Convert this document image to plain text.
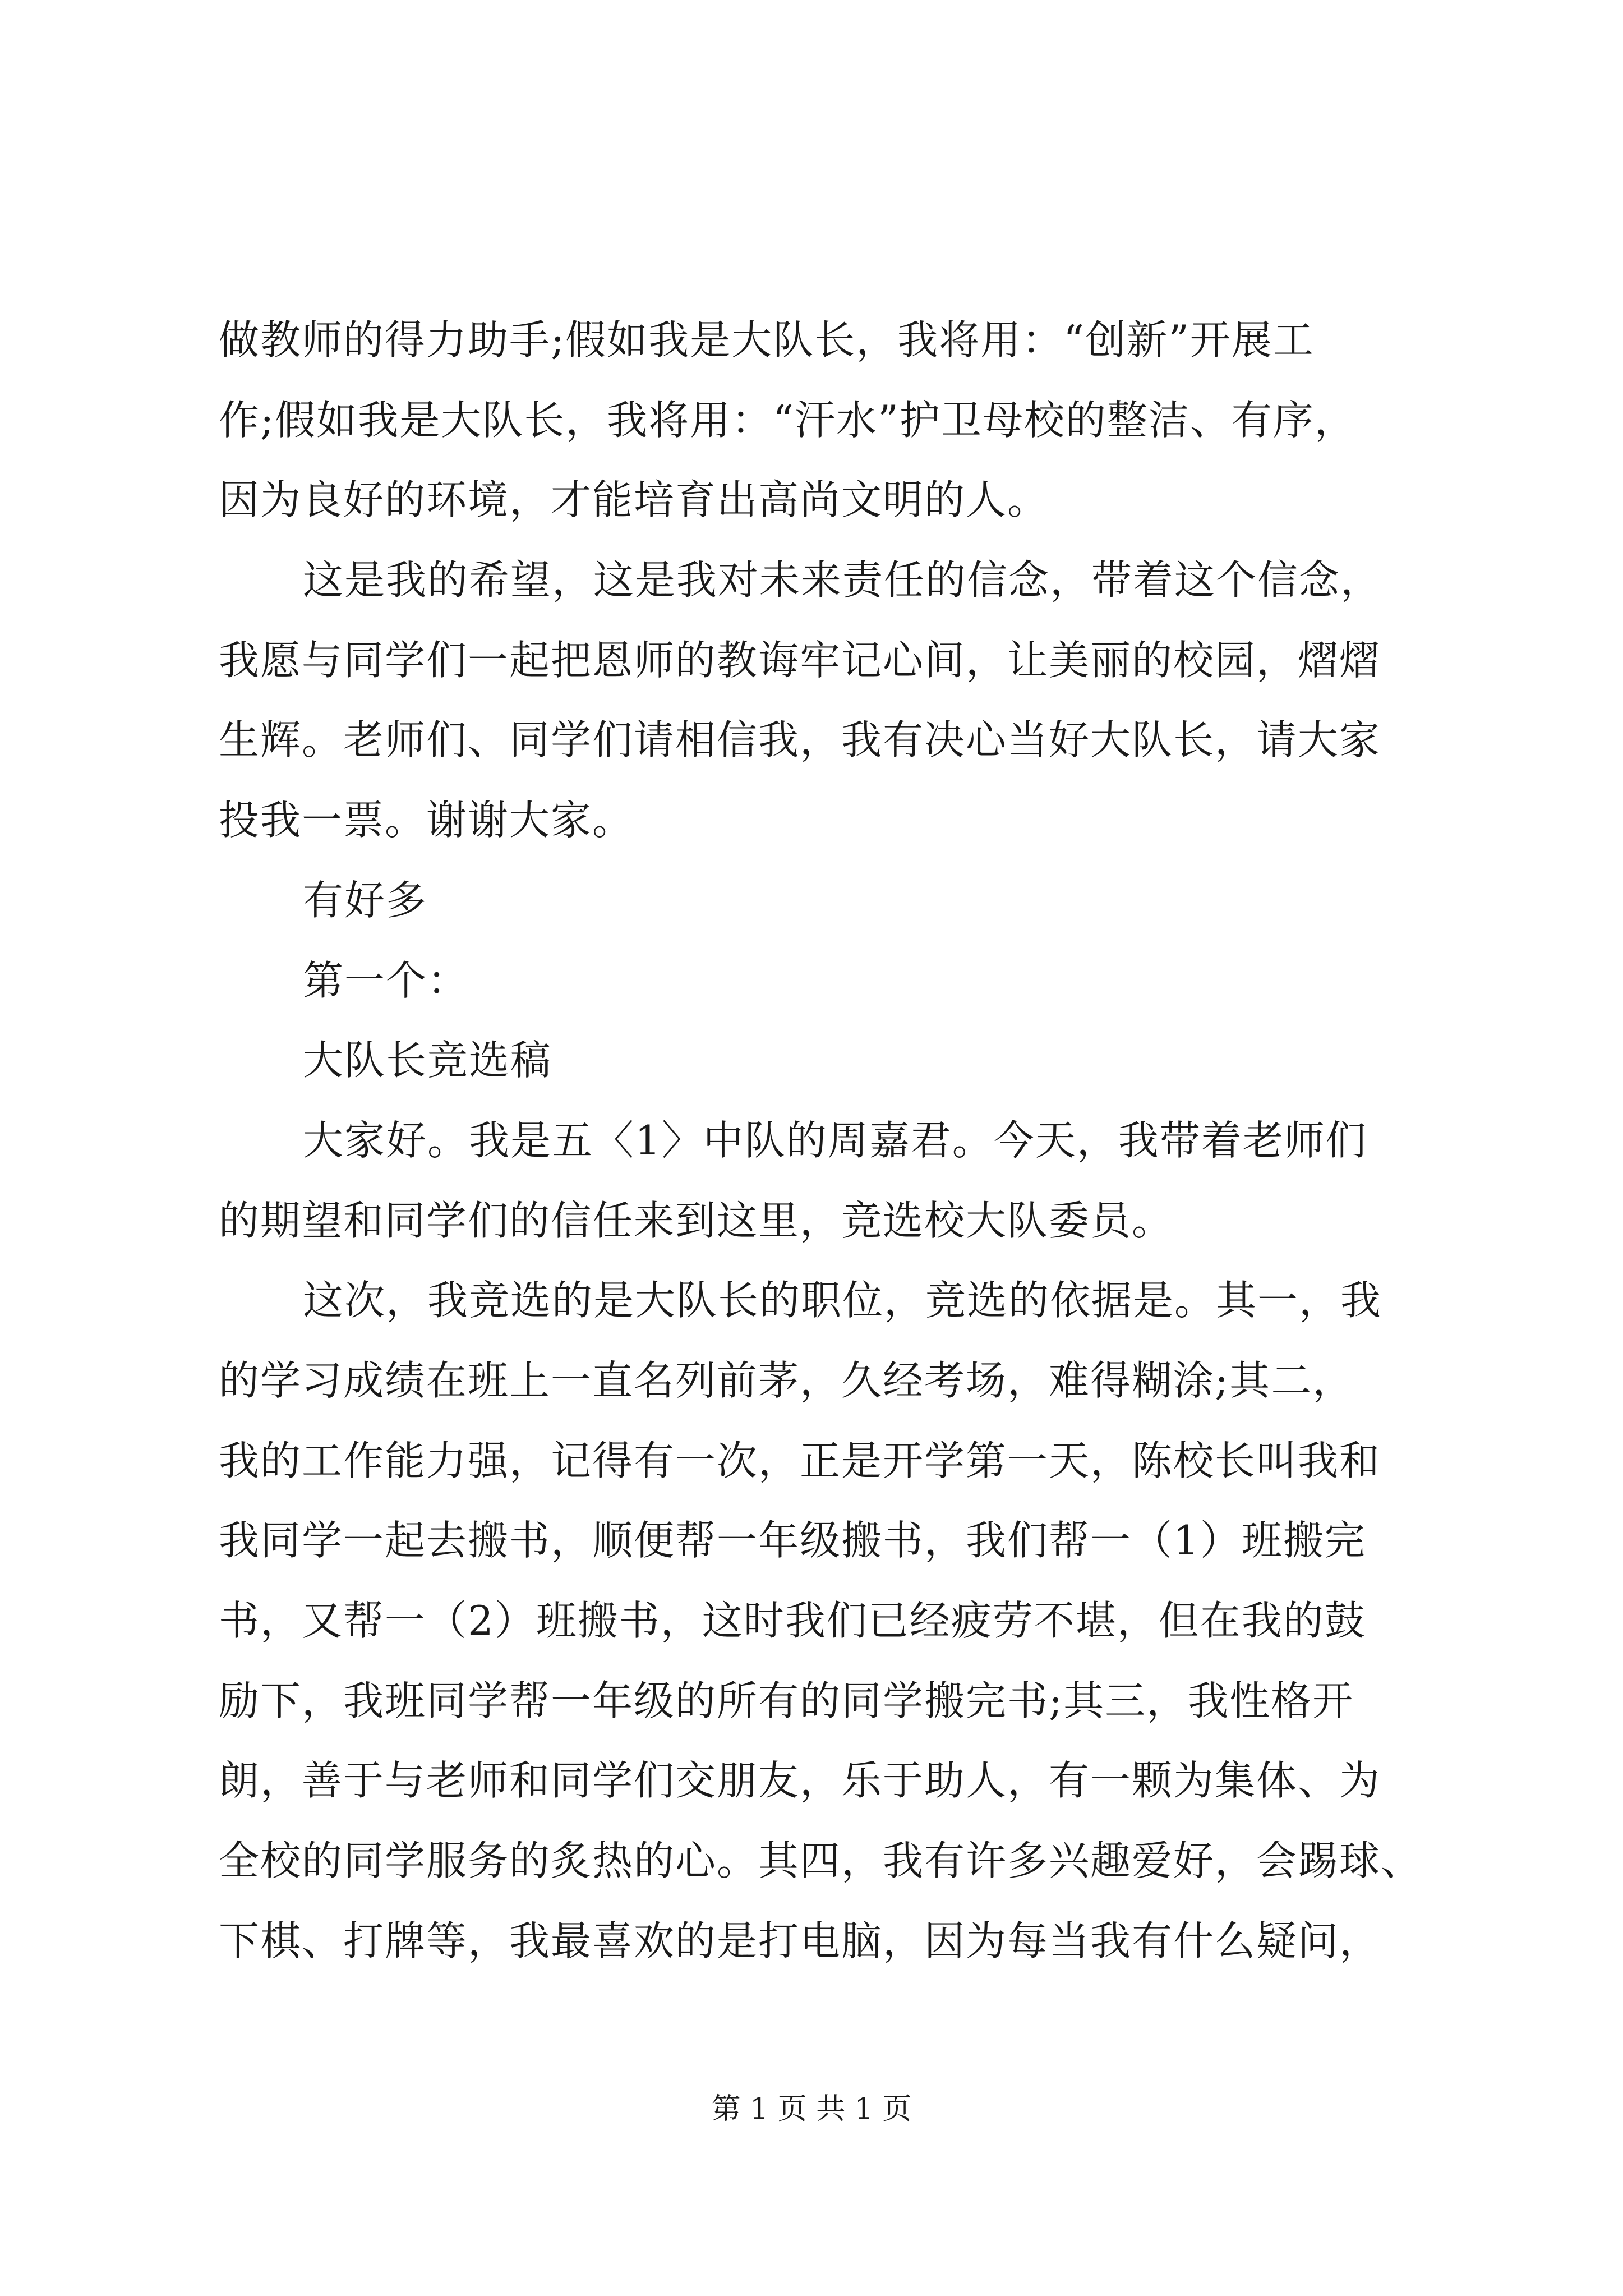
做教师的得力助手;假如我是大队长，我将用：“创新”开展工
作;假如我是大队长，我将用：“汗水”护卫母校的整洁、有序，
因为良好的环境，才能培育出高尚文明的人。
这是我的希望，这是我对未来责任的信念，带着这个信念，
我愿与同学们一起把恩师的教诲牢记心间，让美丽的校园，熠熠
生辉。老师们、同学们请相信我，我有决心当好大队长，请大家
投我一票。谢谢大家。
有好多
第一个：
大队长竞选稿
大家好。我是五〈1〉中队的周嘉君。今天，我带着老师们
的期望和同学们的信任来到这里，竞选校大队委员。
这次，我竞选的是大队长的职位，竞选的依据是。其一，我
的学习成绩在班上一直名列前茅，久经考场，难得糊涂;其二，
我的工作能力强，记得有一次，正是开学第一天，陈校长叫我和
我同学一起去搬书，顺便帮一年级搬书，我们帮一（1）班搬完
书，又帮一（2）班搬书，这时我们已经疲劳不堪，但在我的鼓
励下，我班同学帮一年级的所有的同学搬完书;其三，我性格开
朗，善于与老师和同学们交朋友，乐于助人，有一颗为集体、为
全校的同学服务的炙热的心。其四，我有许多兴趣爱好，会踢球、
下棋、打牌等，我最喜欢的是打电脑，因为每当我有什么疑问，
第 1 页 共 1 页
